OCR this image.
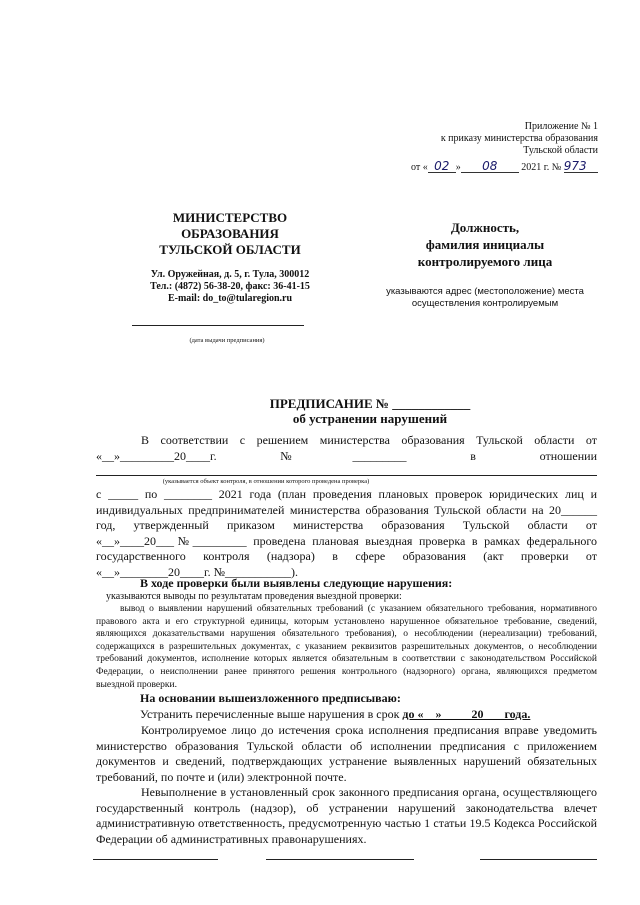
Приложение № 1
к приказу министерства образования
Тульской области
от « 02 » 08 2021 г. № 973
МИНИСТЕРСТВО
ОБРАЗОВАНИЯ
ТУЛЬСКОЙ ОБЛАСТИ
Ул. Оружейная, д. 5, г. Тула, 300012
Тел.: (4872) 56-38-20, факс: 36-41-15
E-mail: do_to@tularegion.ru
(дата выдачи предписания)
Должность,
фамилия инициалы
контролируемого лица
указываются адрес (местоположение) места
осуществления контролируемым
ПРЕДПИСАНИЕ № ____________
об устранении нарушений
В соответствии с решением министерства образования Тульской области от «__»_________20____г. №_________ в отношении
(указывается объект контроля, в отношении которого проведена проверка)
с _____ по ________ 2021 года (план проведения плановых проверок юридических лиц и индивидуальных предпринимателей министерства образования Тульской области на 20______ год, утвержденный приказом министерства образования Тульской области от «__»____20___№_________ проведена плановая выездная проверка в рамках федерального государственного контроля (надзора) в сфере образования (акт проверки от «__»________20____г. №___________).
В ходе проверки были выявлены следующие нарушения:
указываются выводы по результатам проведения выездной проверки:
вывод о выявлении нарушений обязательных требований (с указанием обязательного требования, нормативного правового акта и его структурной единицы, которым установлено нарушенное обязательное требование, сведений, являющихся доказательствами нарушения обязательного требования), о несоблюдении (нереализации) требований, содержащихся в разрешительных документах, с указанием реквизитов разрешительных документов, о несоблюдении требований документов, исполнение которых является обязательным в соответствии с законодательством Российской Федерации, о неисполнении ранее принятого решения контрольного (надзорного) органа, являющихся предметом выездной проверки.
На основании вышеизложенного предписываю:
Устранить перечисленные выше нарушения в срок до «    »          20       года.
Контролируемое лицо до истечения срока исполнения предписания вправе уведомить министерство образования Тульской области об исполнении предписания с приложением документов и сведений, подтверждающих устранение выявленных нарушений обязательных требований, по почте и (или) электронной почте.
Невыполнение в установленный срок законного предписания органа, осуществляющего государственный контроль (надзор), об устранении нарушений законодательства влечет административную ответственность, предусмотренную частью 1 статьи 19.5 Кодекса Российской Федерации об административных правонарушениях.
